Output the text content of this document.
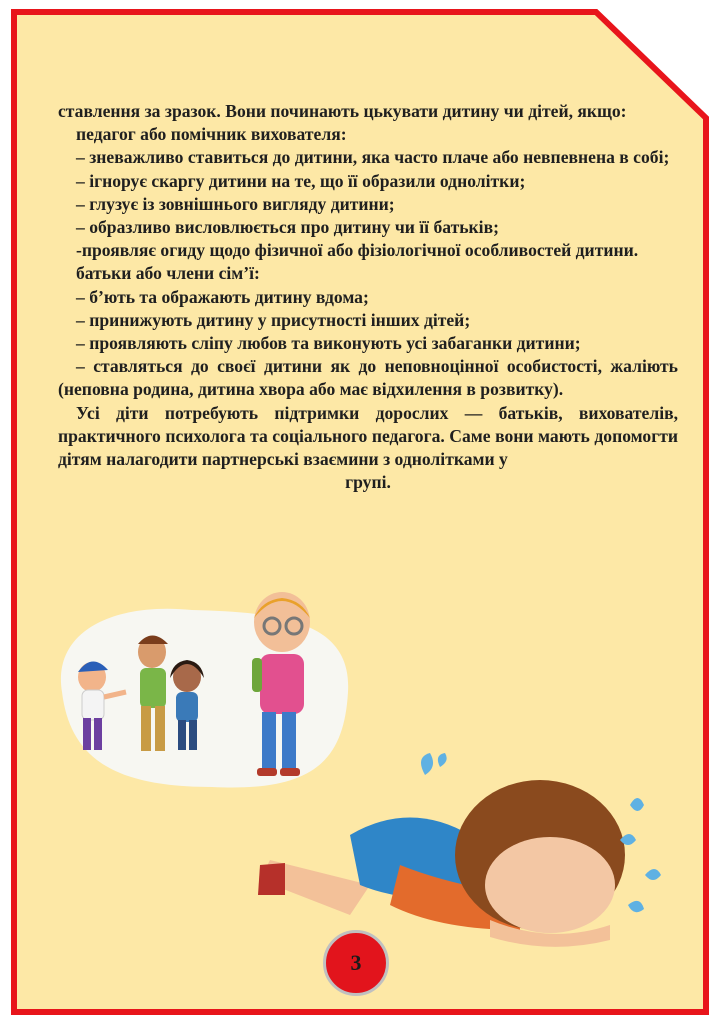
ставлення за зразок. Вони починають цькувати дитину чи дітей, якщо:

педагог або помічник вихователя:

– зневажливо ставиться до дитини, яка часто плаче або невпевнена в собі;

– ігнорує скаргу дитини на те, що її образили однолітки;

– глузує із зовнішнього вигляду дитини;

– образливо висловлюється про дитину чи її батьків;

-проявляє огиду щодо фізичної або фізіологічної особливостей дитини.

батьки або члени сім’ї:

– б’ють та ображають дитину вдома;

– принижують дитину у присутності інших дітей;

– проявляють сліпу любов та виконують усі забаганки дитини;

– ставляться до своєї дитини як до неповноцінної особистості, жаліють (неповна родина, дитина хвора або має відхилення в розвитку).

Усі діти потребують підтримки дорослих — батьків, вихователів, практичного психолога та соціального педагога. Саме вони мають допомогти дітям налагодити партнерські взаємини з однолітками у

групі.

3
